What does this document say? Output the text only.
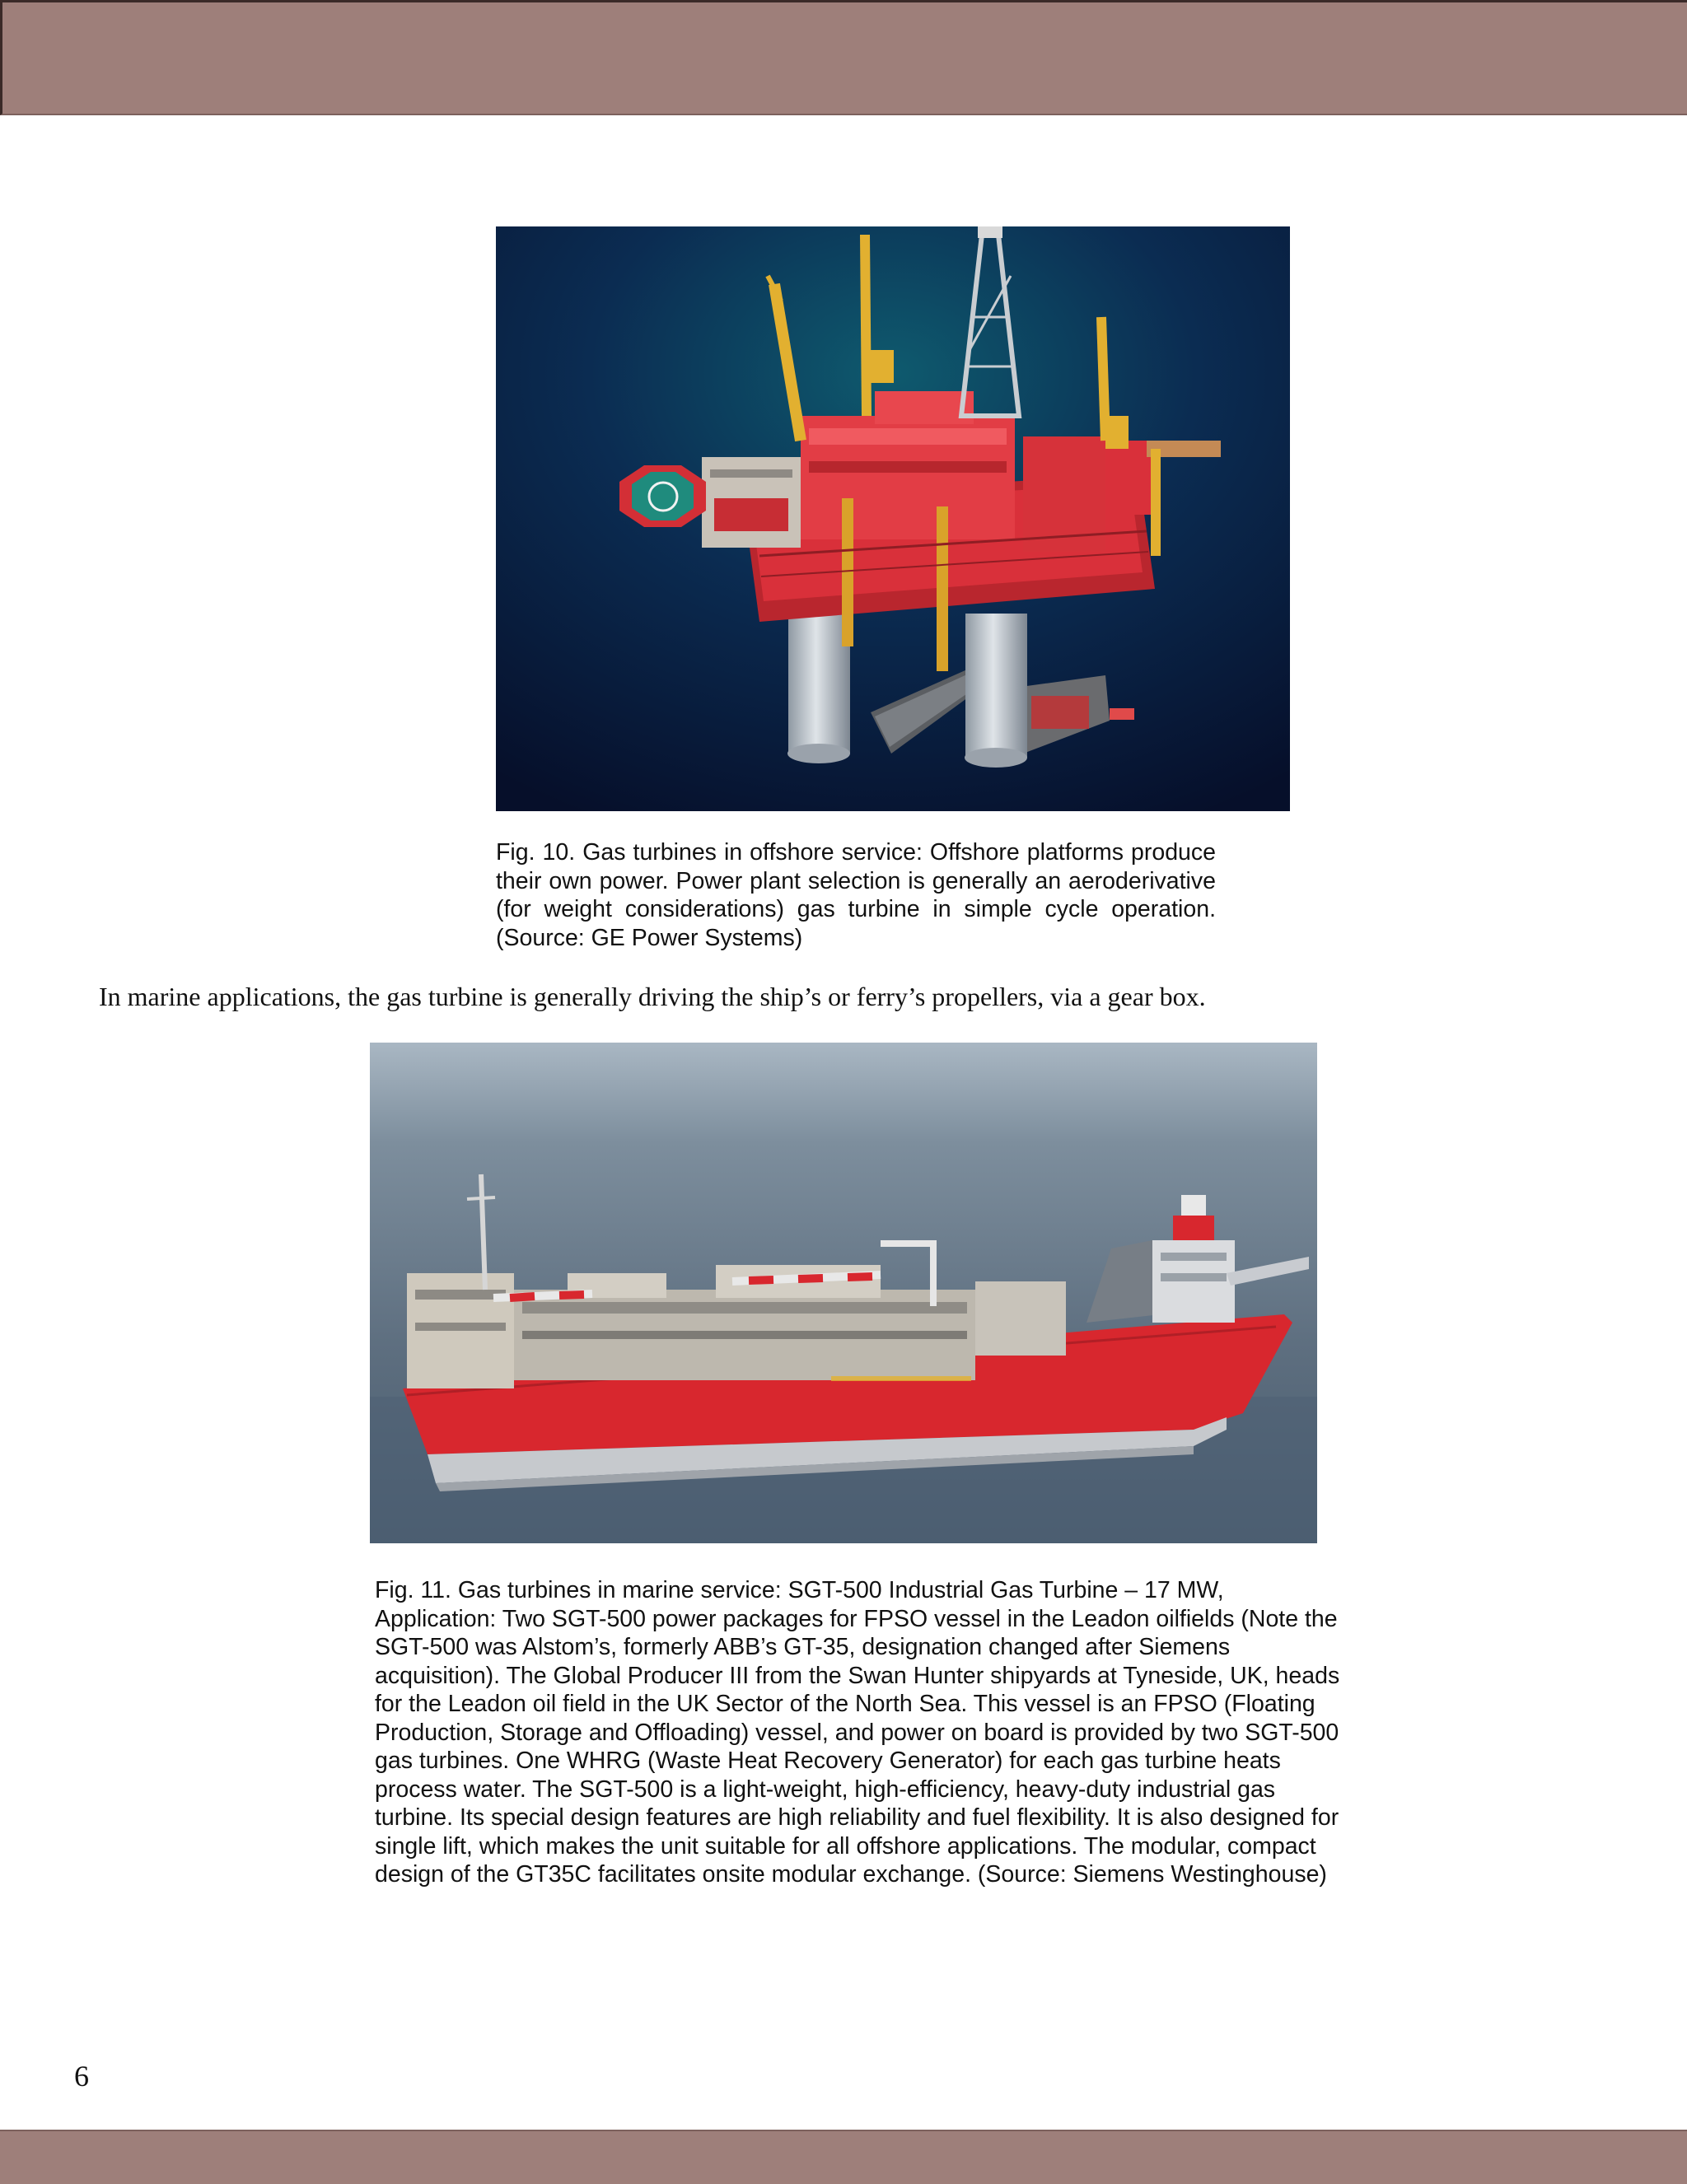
Fig. 10. Gas turbines in offshore service: Offshore platforms produce their own power. Power plant selection is generally an aeroderivative (for weight considerations) gas turbine in simple cycle operation. (Source: GE Power Systems)
In marine applications, the gas turbine is generally driving the ship’s or ferry’s propellers, via a gear box.
Fig. 11. Gas turbines in marine service: SGT-500 Industrial Gas Turbine – 17 MW, Application: Two SGT-500 power packages for FPSO vessel in the Leadon oilfields (Note the SGT-500 was Alstom’s, formerly ABB’s GT-35, designation changed after Siemens acquisition). The Global Producer III from the Swan Hunter shipyards at Tyneside, UK, heads for the Leadon oil field in the UK Sector of the North Sea. This vessel is an FPSO (Floating Production, Storage and Offloading) vessel, and power on board is provided by two SGT-500 gas turbines. One WHRG (Waste Heat Recovery Generator) for each gas turbine heats process water. The SGT-500 is a light-weight, high-efficiency, heavy-duty industrial gas turbine. Its special design features are high reliability and fuel flexibility. It is also designed for single lift, which makes the unit suitable for all offshore applications. The modular, compact design of the GT35C facilitates onsite modular exchange. (Source: Siemens Westinghouse)
6
